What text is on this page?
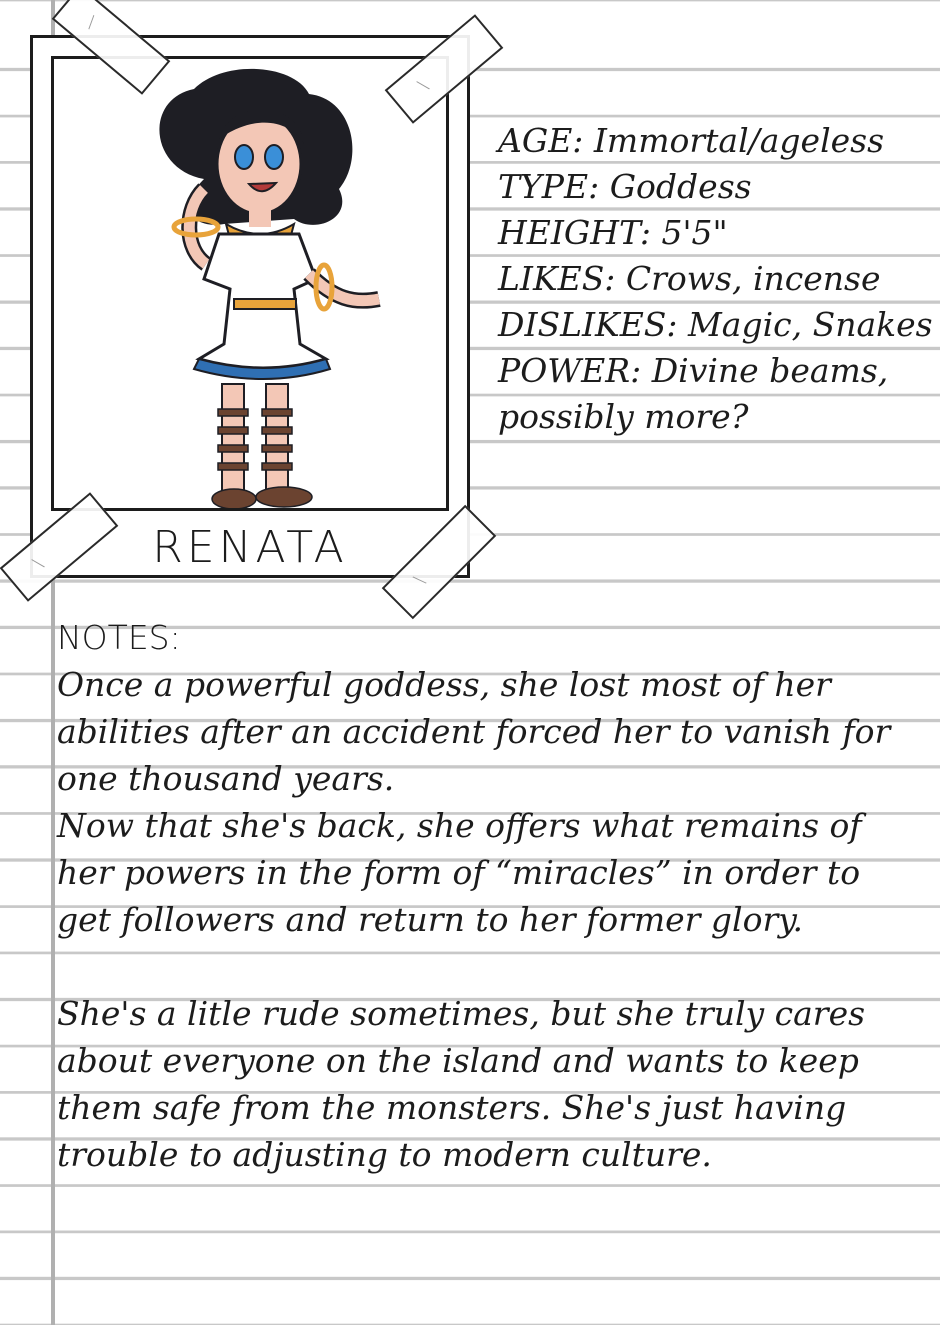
RENATA
AGE: Immortal/ageless
TYPE: Goddess
HEIGHT: 5'5"
LIKES: Crows, incense
DISLIKES: Magic, Snakes
POWER: Divine beams,
possibly more?

NOTES:

Once a powerful goddess, she lost most of her

abilities after an accident forced her to vanish for

one thousand years.

Now that she's back, she offers what remains of

her powers in the form of “miracles” in order to

get followers and return to her former glory.

She's a litle rude sometimes, but she truly cares

about everyone on the island and wants to keep

them safe from the monsters. She's just having

trouble to adjusting to modern culture.
